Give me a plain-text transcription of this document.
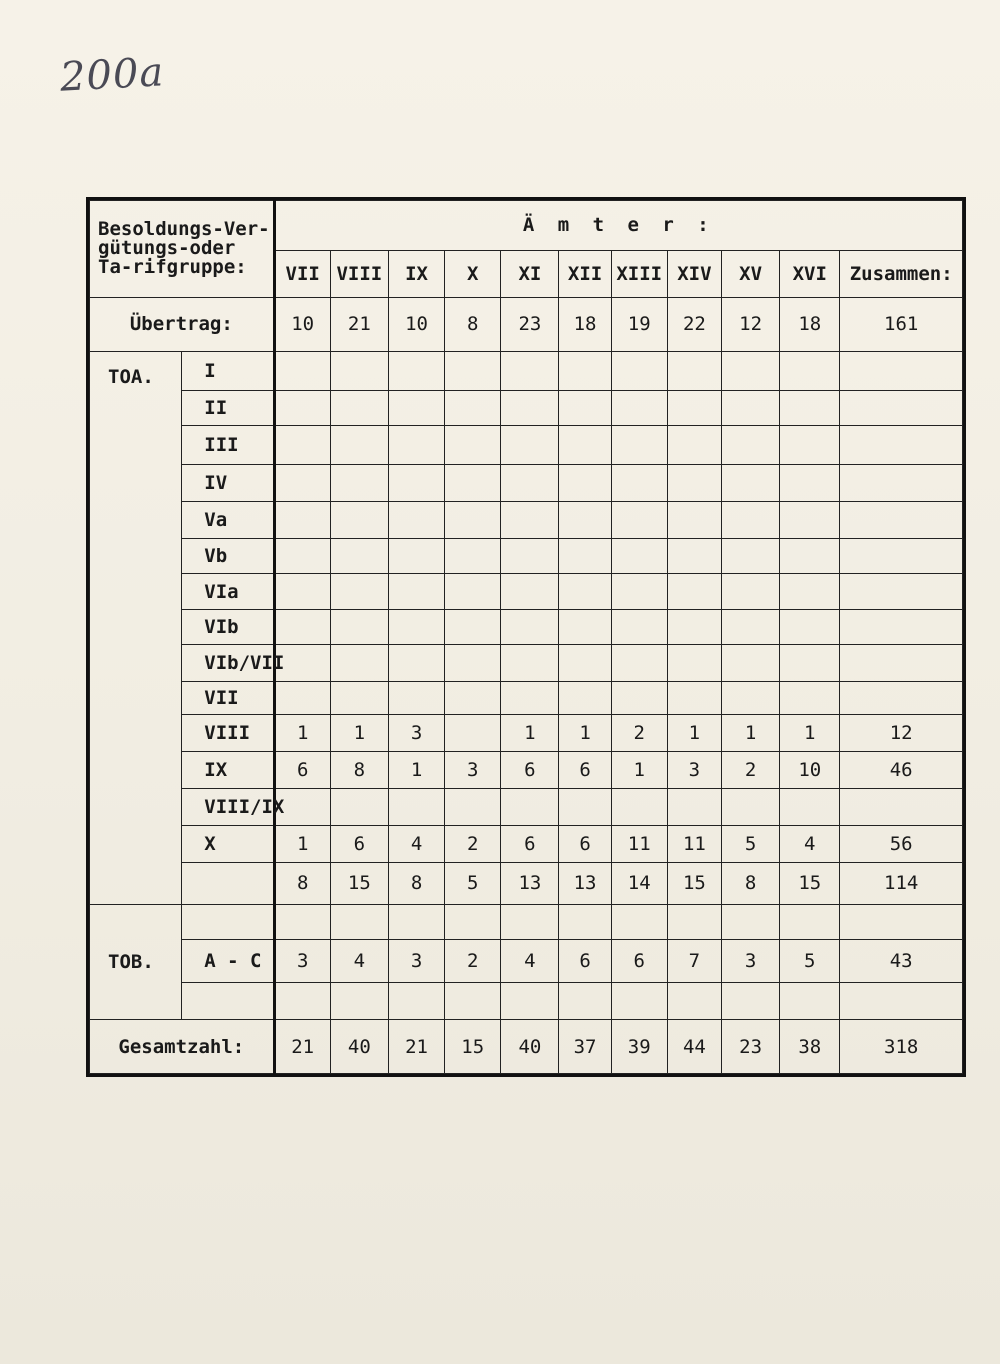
200a
Besoldungs-Ver-gütungs-oder Ta-rifgruppe:		Ä m t e r :										
		VII	VIII	IX	X	XI	XII	XIII	XIV	XV	XVI	Zusammen:
Übertrag:		10	21	10	8	23	18	19	22	12	18	161
TOA.	I											
	II											
	III											
	IV											
	Va											
	Vb											
	VIa											
	VIb											
	VIb/VII											
	VII											
	VIII	1	1	3		1	1	2	1	1	1	12
	IX	6	8	1	3	6	6	1	3	2	10	46
	VIII/IX											
	X	1	6	4	2	6	6	11	11	5	4	56
		8	15	8	5	13	13	14	15	8	15	114
TOB.												
	A - C	3	4	3	2	4	6	6	7	3	5	43

Gesamtzahl:		21	40	21	15	40	37	39	44	23	38	318
